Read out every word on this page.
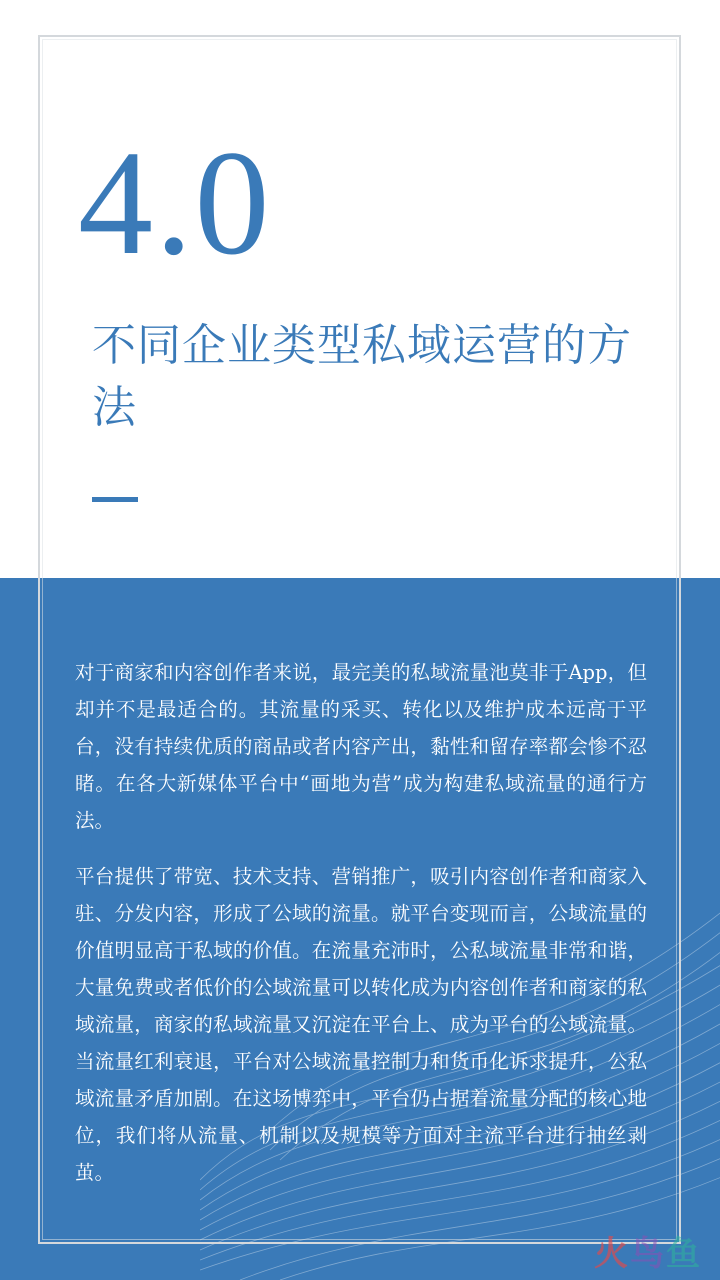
4.0
不同企业类型私域运营的方法

对于商家和内容创作者来说，最完美的私域流量池莫非于App，但却并不是最适合的。其流量的采买、转化以及维护成本远高于平台，没有持续优质的商品或者内容产出，黏性和留存率都会惨不忍睹。在各大新媒体平台中“画地为营”成为构建私域流量的通行方法。

平台提供了带宽、技术支持、营销推广，吸引内容创作者和商家入驻、分发内容，形成了公域的流量。就平台变现而言，公域流量的价值明显高于私域的价值。在流量充沛时，公私域流量非常和谐，大量免费或者低价的公域流量可以转化成为内容创作者和商家的私域流量，商家的私域流量又沉淀在平台上、成为平台的公域流量。当流量红利衰退，平台对公域流量控制力和货币化诉求提升，公私域流量矛盾加剧。在这场博弈中，平台仍占据着流量分配的核心地位，我们将从流量、机制以及规模等方面对主流平台进行抽丝剥茧。

火 鸟 鱼
